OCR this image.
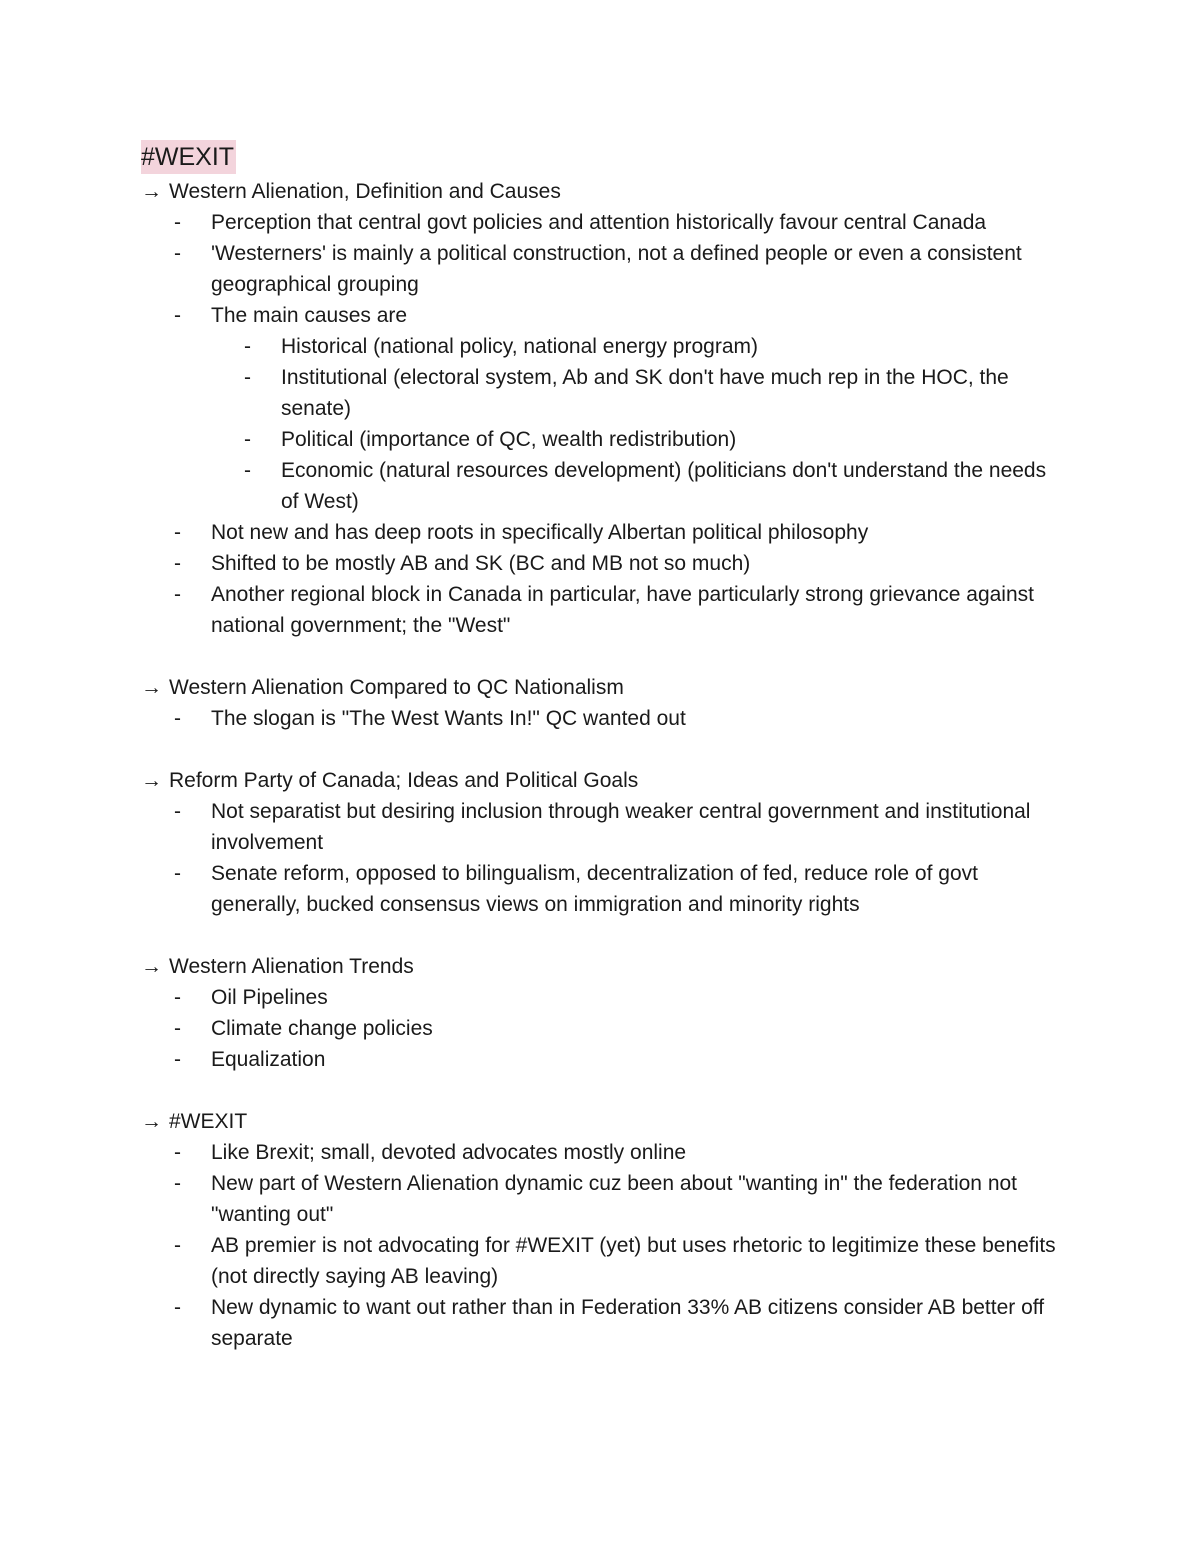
#WEXIT
→ Western Alienation, Definition and Causes
- Perception that central govt policies and attention historically favour central Canada
- 'Westerners' is mainly a political construction, not a defined people or even a consistent geographical grouping
- The main causes are
- Historical (national policy, national energy program)
- Institutional (electoral system, Ab and SK don't have much rep in the HOC, the senate)
- Political (importance of QC, wealth redistribution)
- Economic (natural resources development) (politicians don't understand the needs of West)
- Not new and has deep roots in specifically Albertan political philosophy
- Shifted to be mostly AB and SK (BC and MB not so much)
- Another regional block in Canada in particular, have particularly strong grievance against national government; the "West"
→ Western Alienation Compared to QC Nationalism
- The slogan is "The West Wants In!" QC wanted out
→ Reform Party of Canada; Ideas and Political Goals
- Not separatist but desiring inclusion through weaker central government and institutional involvement
- Senate reform, opposed to bilingualism, decentralization of fed, reduce role of govt generally, bucked consensus views on immigration and minority rights
→ Western Alienation Trends
- Oil Pipelines
- Climate change policies
- Equalization
→ #WEXIT
- Like Brexit; small, devoted advocates mostly online
- New part of Western Alienation dynamic cuz been about "wanting in" the federation not "wanting out"
- AB premier is not advocating for #WEXIT (yet) but uses rhetoric to legitimize these benefits (not directly saying AB leaving)
- New dynamic to want out rather than in Federation 33% AB citizens consider AB better off separate
